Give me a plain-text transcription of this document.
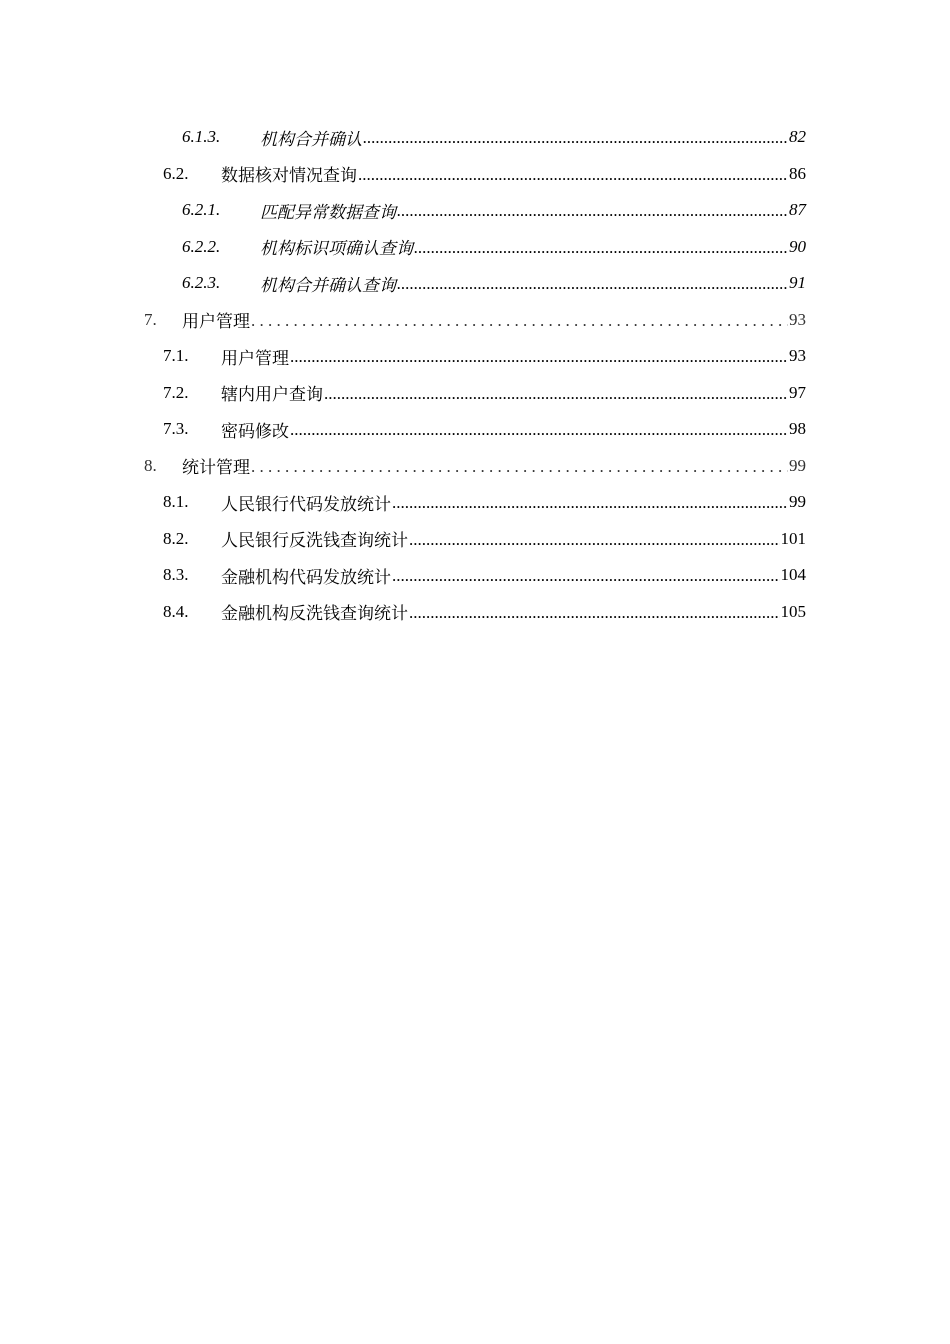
6.1.3.	机构合并确认 .....	82
6.2.	数据核对情况查询 .....	86
6.2.1.	匹配异常数据查询 .....	87
6.2.2.	机构标识项确认查询 .....	90
6.2.3.	机构合并确认查询 .....	91
7.	用户管理 . . .	93
7.1.	用户管理 .....	93
7.2.	辖内用户查询 .....	97
7.3.	密码修改 .....	98
8.	统计管理 . . .	99
8.1.	人民银行代码发放统计 .....	99
8.2.	人民银行反洗钱查询统计 .....	101
8.3.	金融机构代码发放统计 .....	104
8.4.	金融机构反洗钱查询统计 .....	105
